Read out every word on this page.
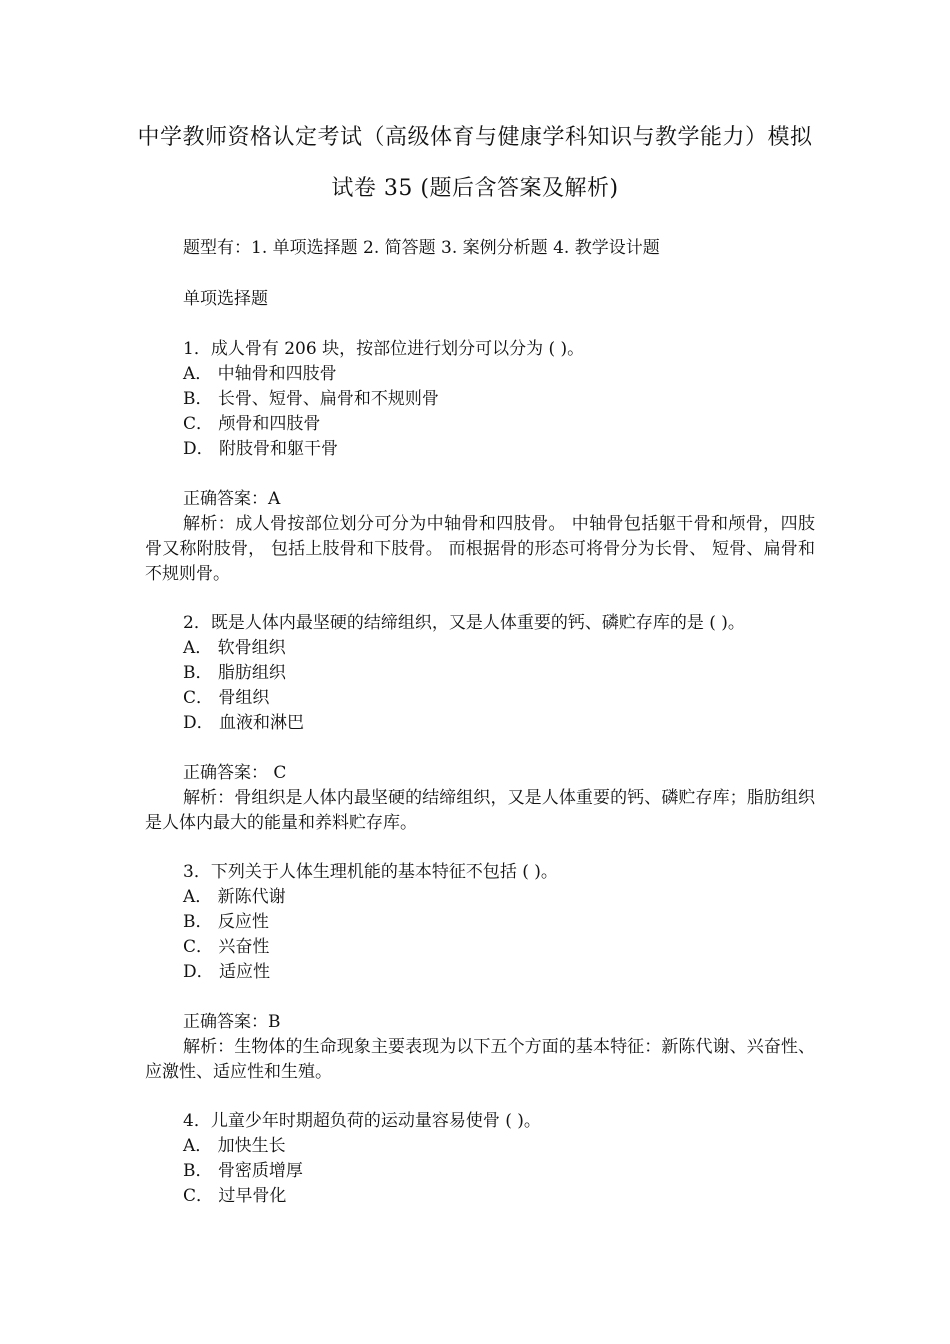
中学教师资格认定考试（高级体育与健康学科知识与教学能力）模拟
试卷 35 (题后含答案及解析)
题型有：1. 单项选择题 2. 简答题 3. 案例分析题 4. 教学设计题
单项选择题
1．成人骨有 206 块，按部位进行划分可以分为 ( )。
A． 中轴骨和四肢骨
B． 长骨、短骨、扁骨和不规则骨
C． 颅骨和四肢骨
D． 附肢骨和躯干骨
正确答案：A
解析：成人骨按部位划分可分为中轴骨和四肢骨。 中轴骨包括躯干骨和颅骨，四肢骨又称附肢骨， 包括上肢骨和下肢骨。 而根据骨的形态可将骨分为长骨、 短骨、扁骨和不规则骨。
2．既是人体内最坚硬的结缔组织，又是人体重要的钙、磷贮存库的是 ( )。
A． 软骨组织
B． 脂肪组织
C． 骨组织
D． 血液和淋巴
正确答案： C
解析：骨组织是人体内最坚硬的结缔组织，又是人体重要的钙、磷贮存库；脂肪组织是人体内最大的能量和养料贮存库。
3．下列关于人体生理机能的基本特征不包括 ( )。
A． 新陈代谢
B． 反应性
C． 兴奋性
D． 适应性
正确答案：B
解析：生物体的生命现象主要表现为以下五个方面的基本特征：新陈代谢、兴奋性、应激性、适应性和生殖。
4．儿童少年时期超负荷的运动量容易使骨 ( )。
A． 加快生长
B． 骨密质增厚
C． 过早骨化
